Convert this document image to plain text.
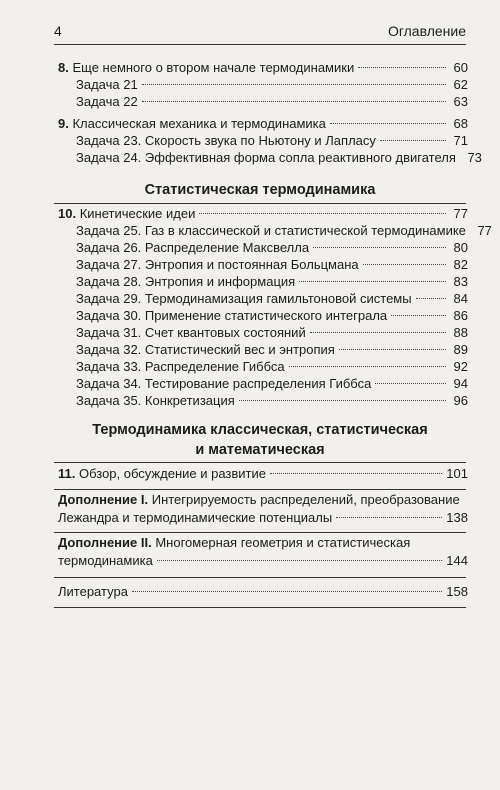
4	Оглавление
8. Еще немного о втором начале термодинамики	60
Задача 21	62
Задача 22	63
9. Классическая механика и термодинамика	68
Задача 23. Скорость звука по Ньютону и Лапласу	71
Задача 24. Эффективная форма сопла реактивного двигателя 73
Статистическая термодинамика
10. Кинетические идеи	77
Задача 25. Газ в классической и статистической термодинамике 77
Задача 26. Распределение Максвелла	80
Задача 27. Энтропия и постоянная Больцмана	82
Задача 28. Энтропия и информация	83
Задача 29. Термодинамизация гамильтоновой системы	84
Задача 30. Применение статистического интеграла	86
Задача 31. Счет квантовых состояний	88
Задача 32. Статистический вес и энтропия	89
Задача 33. Распределение Гиббса	92
Задача 34. Тестирование распределения Гиббса	94
Задача 35. Конкретизация	96
Термодинамика классическая, статистическая
и математическая
11. Обзор, обсуждение и развитие	101
Дополнение I. Интегрируемость распределений, преобразование
Лежандра и термодинамические потенциалы	138
Дополнение II. Многомерная геометрия и статистическая
термодинамика	144
Литература	158
